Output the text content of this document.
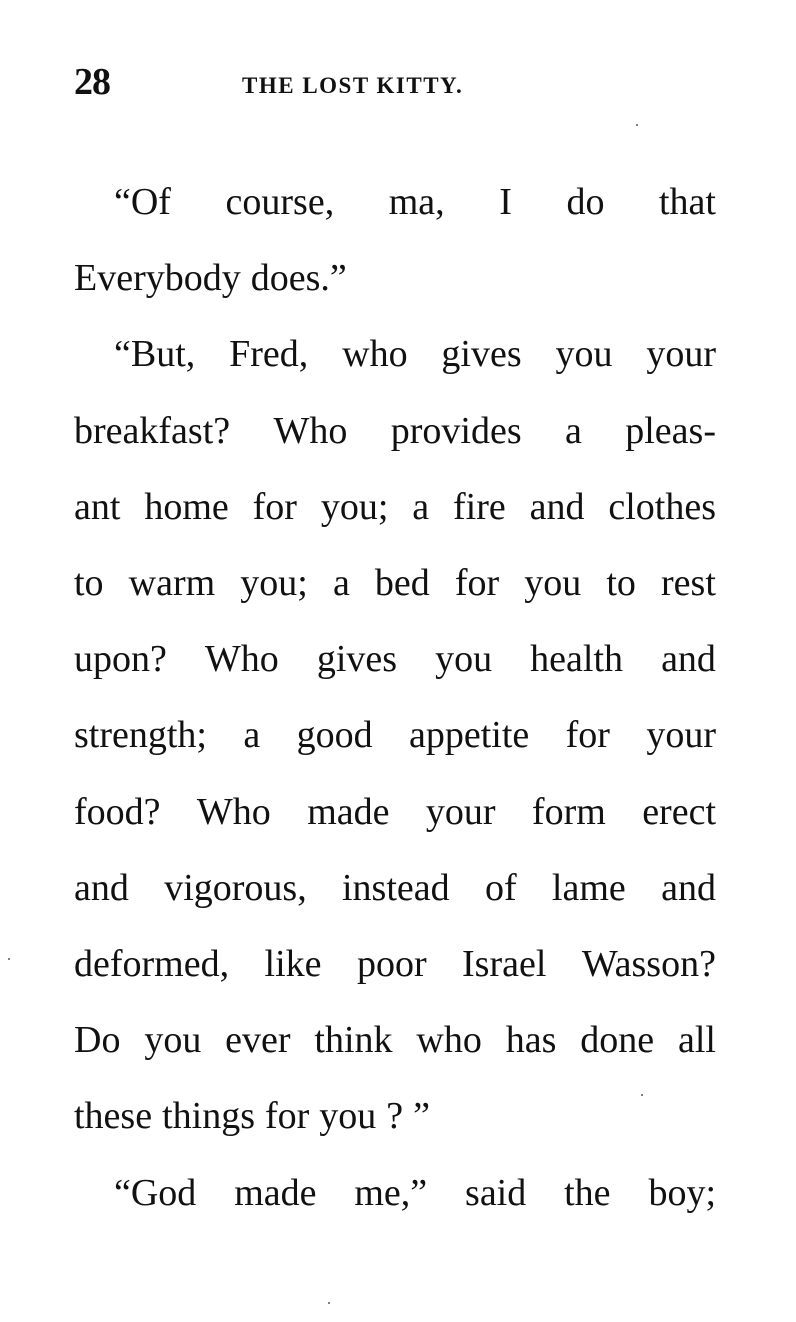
28	THE LOST KITTY.
“Of course, ma, I do that
Everybody does.”
“But, Fred, who gives you your
breakfast? Who provides a pleas-
ant home for you; a fire and clothes
to warm you; a bed for you to rest
upon? Who gives you health and
strength; a good appetite for your
food? Who made your form erect
and vigorous, instead of lame and
deformed, like poor Israel Wasson?
Do you ever think who has done all
these things for you ? ”
“God made me,” said the boy;
